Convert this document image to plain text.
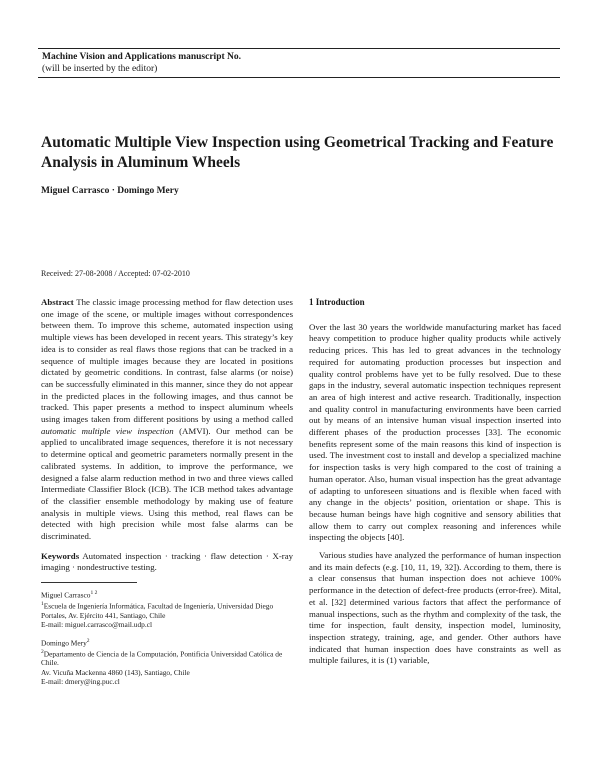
Machine Vision and Applications manuscript No.
(will be inserted by the editor)
Automatic Multiple View Inspection using Geometrical Tracking and Feature Analysis in Aluminum Wheels
Miguel Carrasco · Domingo Mery
Received: 27-08-2008 / Accepted: 07-02-2010
Abstract The classic image processing method for flaw detection uses one image of the scene, or multiple images without correspondences between them. To improve this scheme, automated inspection using multiple views has been developed in recent years. This strategy’s key idea is to consider as real flaws those regions that can be tracked in a sequence of multiple images because they are located in positions dictated by geometric conditions. In contrast, false alarms (or noise) can be successfully eliminated in this manner, since they do not appear in the predicted places in the following images, and thus cannot be tracked. This paper presents a method to inspect aluminum wheels using images taken from different positions by using a method called automatic multiple view inspection (AMVI). Our method can be applied to uncalibrated image sequences, therefore it is not necessary to determine optical and geometric parameters normally present in the calibrated systems. In addition, to improve the performance, we designed a false alarm reduction method in two and three views called Intermediate Classifier Block (ICB). The ICB method takes advantage of the classifier ensemble methodology by making use of feature analysis in multiple views. Using this method, real flaws can be detected with high precision while most false alarms can be discriminated.
Keywords Automated inspection · tracking · flaw detection · X-ray imaging · nondestructive testing.
Miguel Carrasco$^{1 2}$
$^1$Escuela de Ingeniería Informática, Facultad de Ingeniería, Universidad Diego Portales, Av. Ejército 441, Santiago, Chile
E-mail: miguel.carrasco@mail.udp.cl
Domingo Mery$^2$
$^2$Departamento de Ciencia de la Computación, Pontificia Universidad Católica de Chile.
Av. Vicuña Mackenna 4860 (143), Santiago, Chile
E-mail: dmery@ing.puc.cl
1 Introduction

Over the last 30 years the worldwide manufacturing market has faced heavy competition to produce higher quality products while actively reducing prices. This has led to great advances in the technology required for automating production processes but inspection and quality control problems have yet to be fully resolved. Due to these gaps in the industry, several automatic inspection techniques represent an area of high interest and active research. Traditionally, inspection and quality control in manufacturing environments have been carried out by means of an intensive human visual inspection inserted into different phases of the production processes [33]. The economic benefits represent some of the main reasons this kind of inspection is used. The investment cost to install and develop a specialized machine for inspection tasks is very high compared to the cost of training a human operator. Also, human visual inspection has the great advantage of adapting to unforeseen situations and is flexible when faced with any change in the objects’ position, orientation or shape. This is because human beings have high cognitive and sensory abilities that allow them to carry out complex reasoning and inferences while inspecting the objects [40].

Various studies have analyzed the performance of human inspection and its main defects (e.g. [10, 11, 19, 32]). According to them, there is a clear consensus that human inspection does not achieve 100% performance in the detection of defect-free products (error-free). Mital, et al. [32] determined various factors that affect the performance of manual inspections, such as the rhythm and complexity of the task, the time for inspection, fault density, inspection model, luminosity, inspection strategy, training, age, and gender. Other authors have indicated that human inspection does have constraints as well as multiple failures, it is (1) variable,
